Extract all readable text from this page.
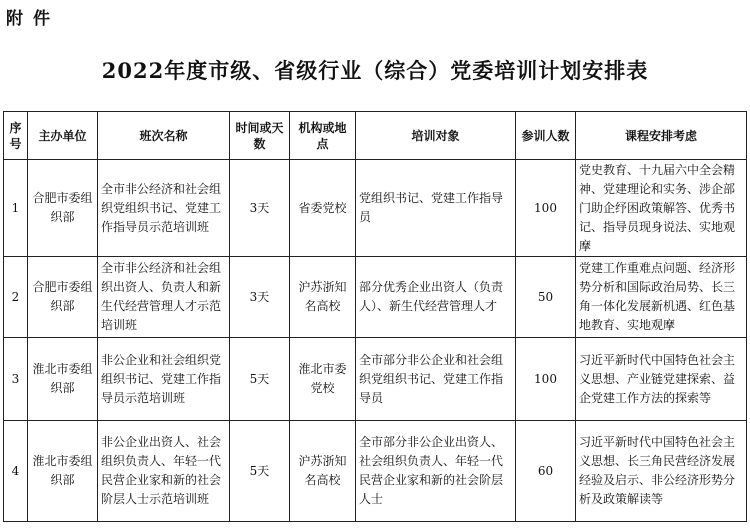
附件
2022年度市级、省级行业（综合）党委培训计划安排表
序号	主办单位	班次名称	时间或天数	机构或地点	培训对象	参训人数	课程安排考虑
1	合肥市委组织部	全市非公经济和社会组织党组织书记、党建工作指导员示范培训班	3天	省委党校	党组织书记、党建工作指导员	100	党史教育、十九届六中全会精神、党建理论和实务、涉企部门助企纾困政策解答、优秀书记、指导员现身说法、实地观摩
2	合肥市委组织部	全市非公经济和社会组织出资人、负责人和新生代经营管理人才示范培训班	3天	沪苏浙知名高校	部分优秀企业出资人（负责人）、新生代经营管理人才	50	党建工作重难点问题、经济形势分析和国际政治局势、长三角一体化发展新机遇、红色基地教育、实地观摩
3	淮北市委组织部	非公企业和社会组织党组织书记、党建工作指导员示范培训班	5天	淮北市委党校	全市部分非公企业和社会组织党组织书记、党建工作指导员	100	习近平新时代中国特色社会主义思想、产业链党建探索、益企党建工作方法的探索等
4	淮北市委组织部	非公企业出资人、社会组织负责人、年轻一代民营企业家和新的社会阶层人士示范培训班	5天	沪苏浙知名高校	全市部分非公企业出资人、社会组织负责人、年轻一代民营企业家和新的社会阶层人士	60	习近平新时代中国特色社会主义思想、长三角民营经济发展经验及启示、非公经济形势分析及政策解读等
